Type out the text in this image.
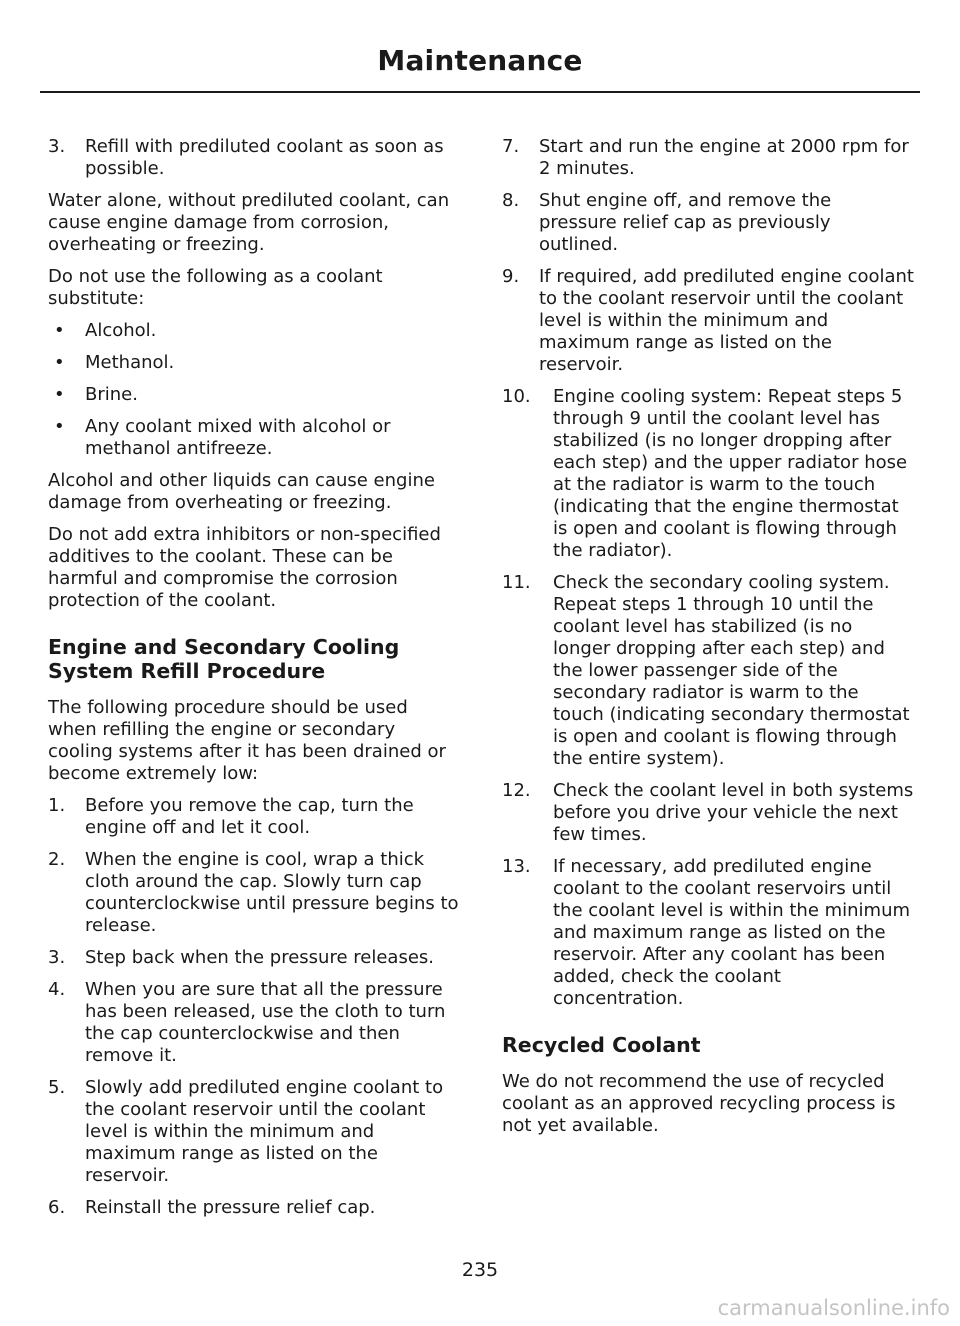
Maintenance
3. Refill with prediluted coolant as soon as possible.

Water alone, without prediluted coolant, can cause engine damage from corrosion, overheating or freezing.

Do not use the following as a coolant substitute:

• Alcohol.
• Methanol.
• Brine.
• Any coolant mixed with alcohol or methanol antifreeze.

Alcohol and other liquids can cause engine damage from overheating or freezing.

Do not add extra inhibitors or non-specified additives to the coolant. These can be harmful and compromise the corrosion protection of the coolant.

Engine and Secondary Cooling System Refill Procedure

The following procedure should be used when refilling the engine or secondary cooling systems after it has been drained or become extremely low:

1. Before you remove the cap, turn the engine off and let it cool.
2. When the engine is cool, wrap a thick cloth around the cap. Slowly turn cap counterclockwise until pressure begins to release.
3. Step back when the pressure releases.
4. When you are sure that all the pressure has been released, use the cloth to turn the cap counterclockwise and then remove it.
5. Slowly add prediluted engine coolant to the coolant reservoir until the coolant level is within the minimum and maximum range as listed on the reservoir.
6. Reinstall the pressure relief cap.
7. Start and run the engine at 2000 rpm for 2 minutes.
8. Shut engine off, and remove the pressure relief cap as previously outlined.
9. If required, add prediluted engine coolant to the coolant reservoir until the coolant level is within the minimum and maximum range as listed on the reservoir.
10. Engine cooling system: Repeat steps 5 through 9 until the coolant level has stabilized (is no longer dropping after each step) and the upper radiator hose at the radiator is warm to the touch (indicating that the engine thermostat is open and coolant is flowing through the radiator).
11. Check the secondary cooling system. Repeat steps 1 through 10 until the coolant level has stabilized (is no longer dropping after each step) and the lower passenger side of the secondary radiator is warm to the touch (indicating secondary thermostat is open and coolant is flowing through the entire system).
12. Check the coolant level in both systems before you drive your vehicle the next few times.
13. If necessary, add prediluted engine coolant to the coolant reservoirs until the coolant level is within the minimum and maximum range as listed on the reservoir. After any coolant has been added, check the coolant concentration.
Recycled Coolant

We do not recommend the use of recycled coolant as an approved recycling process is not yet available.

235
carmanualsonline.info
